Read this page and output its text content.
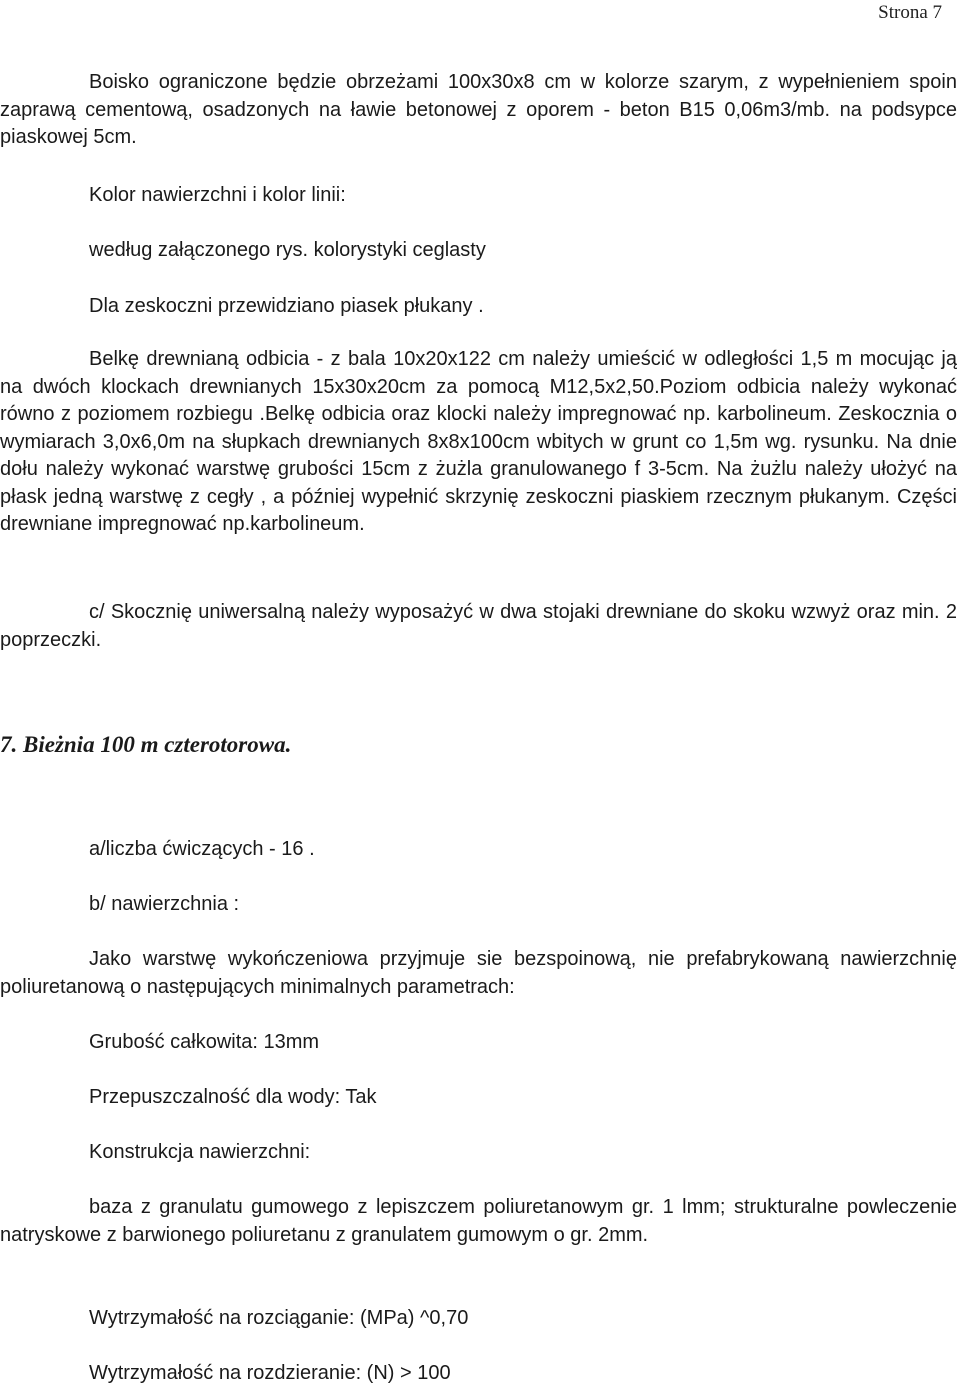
Strona 7

Boisko ograniczone będzie obrzeżami 100x30x8 cm w kolorze szarym, z wypełnieniem spoin zaprawą cementową, osadzonych na ławie betonowej z oporem - beton B15 0,06m3/mb. na podsypce piaskowej 5cm.

Kolor nawierzchni i kolor linii:

według załączonego rys. kolorystyki ceglasty

Dla zeskoczni przewidziano piasek płukany .

Belkę drewnianą odbicia - z bala 10x20x122 cm należy umieścić w odległości 1,5 m mocując ją na dwóch klockach drewnianych 15x30x20cm za pomocą M12,5x2,50.Poziom odbicia należy wykonać równo z poziomem rozbiegu .Belkę odbicia oraz klocki należy impregnować np. karbolineum. Zeskocznia o wymiarach 3,0x6,0m na słupkach drewnianych 8x8x100cm wbitych w grunt co 1,5m wg. rysunku. Na dnie dołu należy wykonać warstwę grubości 15cm z żużla granulowanego f 3-5cm. Na żużlu należy ułożyć na płask jedną warstwę z cegły , a później wypełnić skrzynię zeskoczni piaskiem rzecznym płukanym. Części drewniane impregnować np.karbolineum.

c/ Skocznię uniwersalną należy wyposażyć w dwa stojaki drewniane do skoku wzwyż oraz min. 2 poprzeczki.

7. Bieżnia 100 m czterotorowa.

a/liczba ćwiczących - 16 .

b/ nawierzchnia :

Jako warstwę wykończeniowa przyjmuje sie bezspoinową, nie prefabrykowaną nawierzchnię poliuretanową o następujących minimalnych parametrach:

Grubość całkowita: 13mm

Przepuszczalność dla wody: Tak

Konstrukcja nawierzchni:

baza z granulatu gumowego z lepiszczem poliuretanowym gr. 1 lmm; strukturalne powleczenie natryskowe z barwionego poliuretanu z granulatem gumowym o gr. 2mm.

Wytrzymałość na rozciąganie: (MPa) ^0,70

Wytrzymałość na rozdzieranie: (N) > 100
